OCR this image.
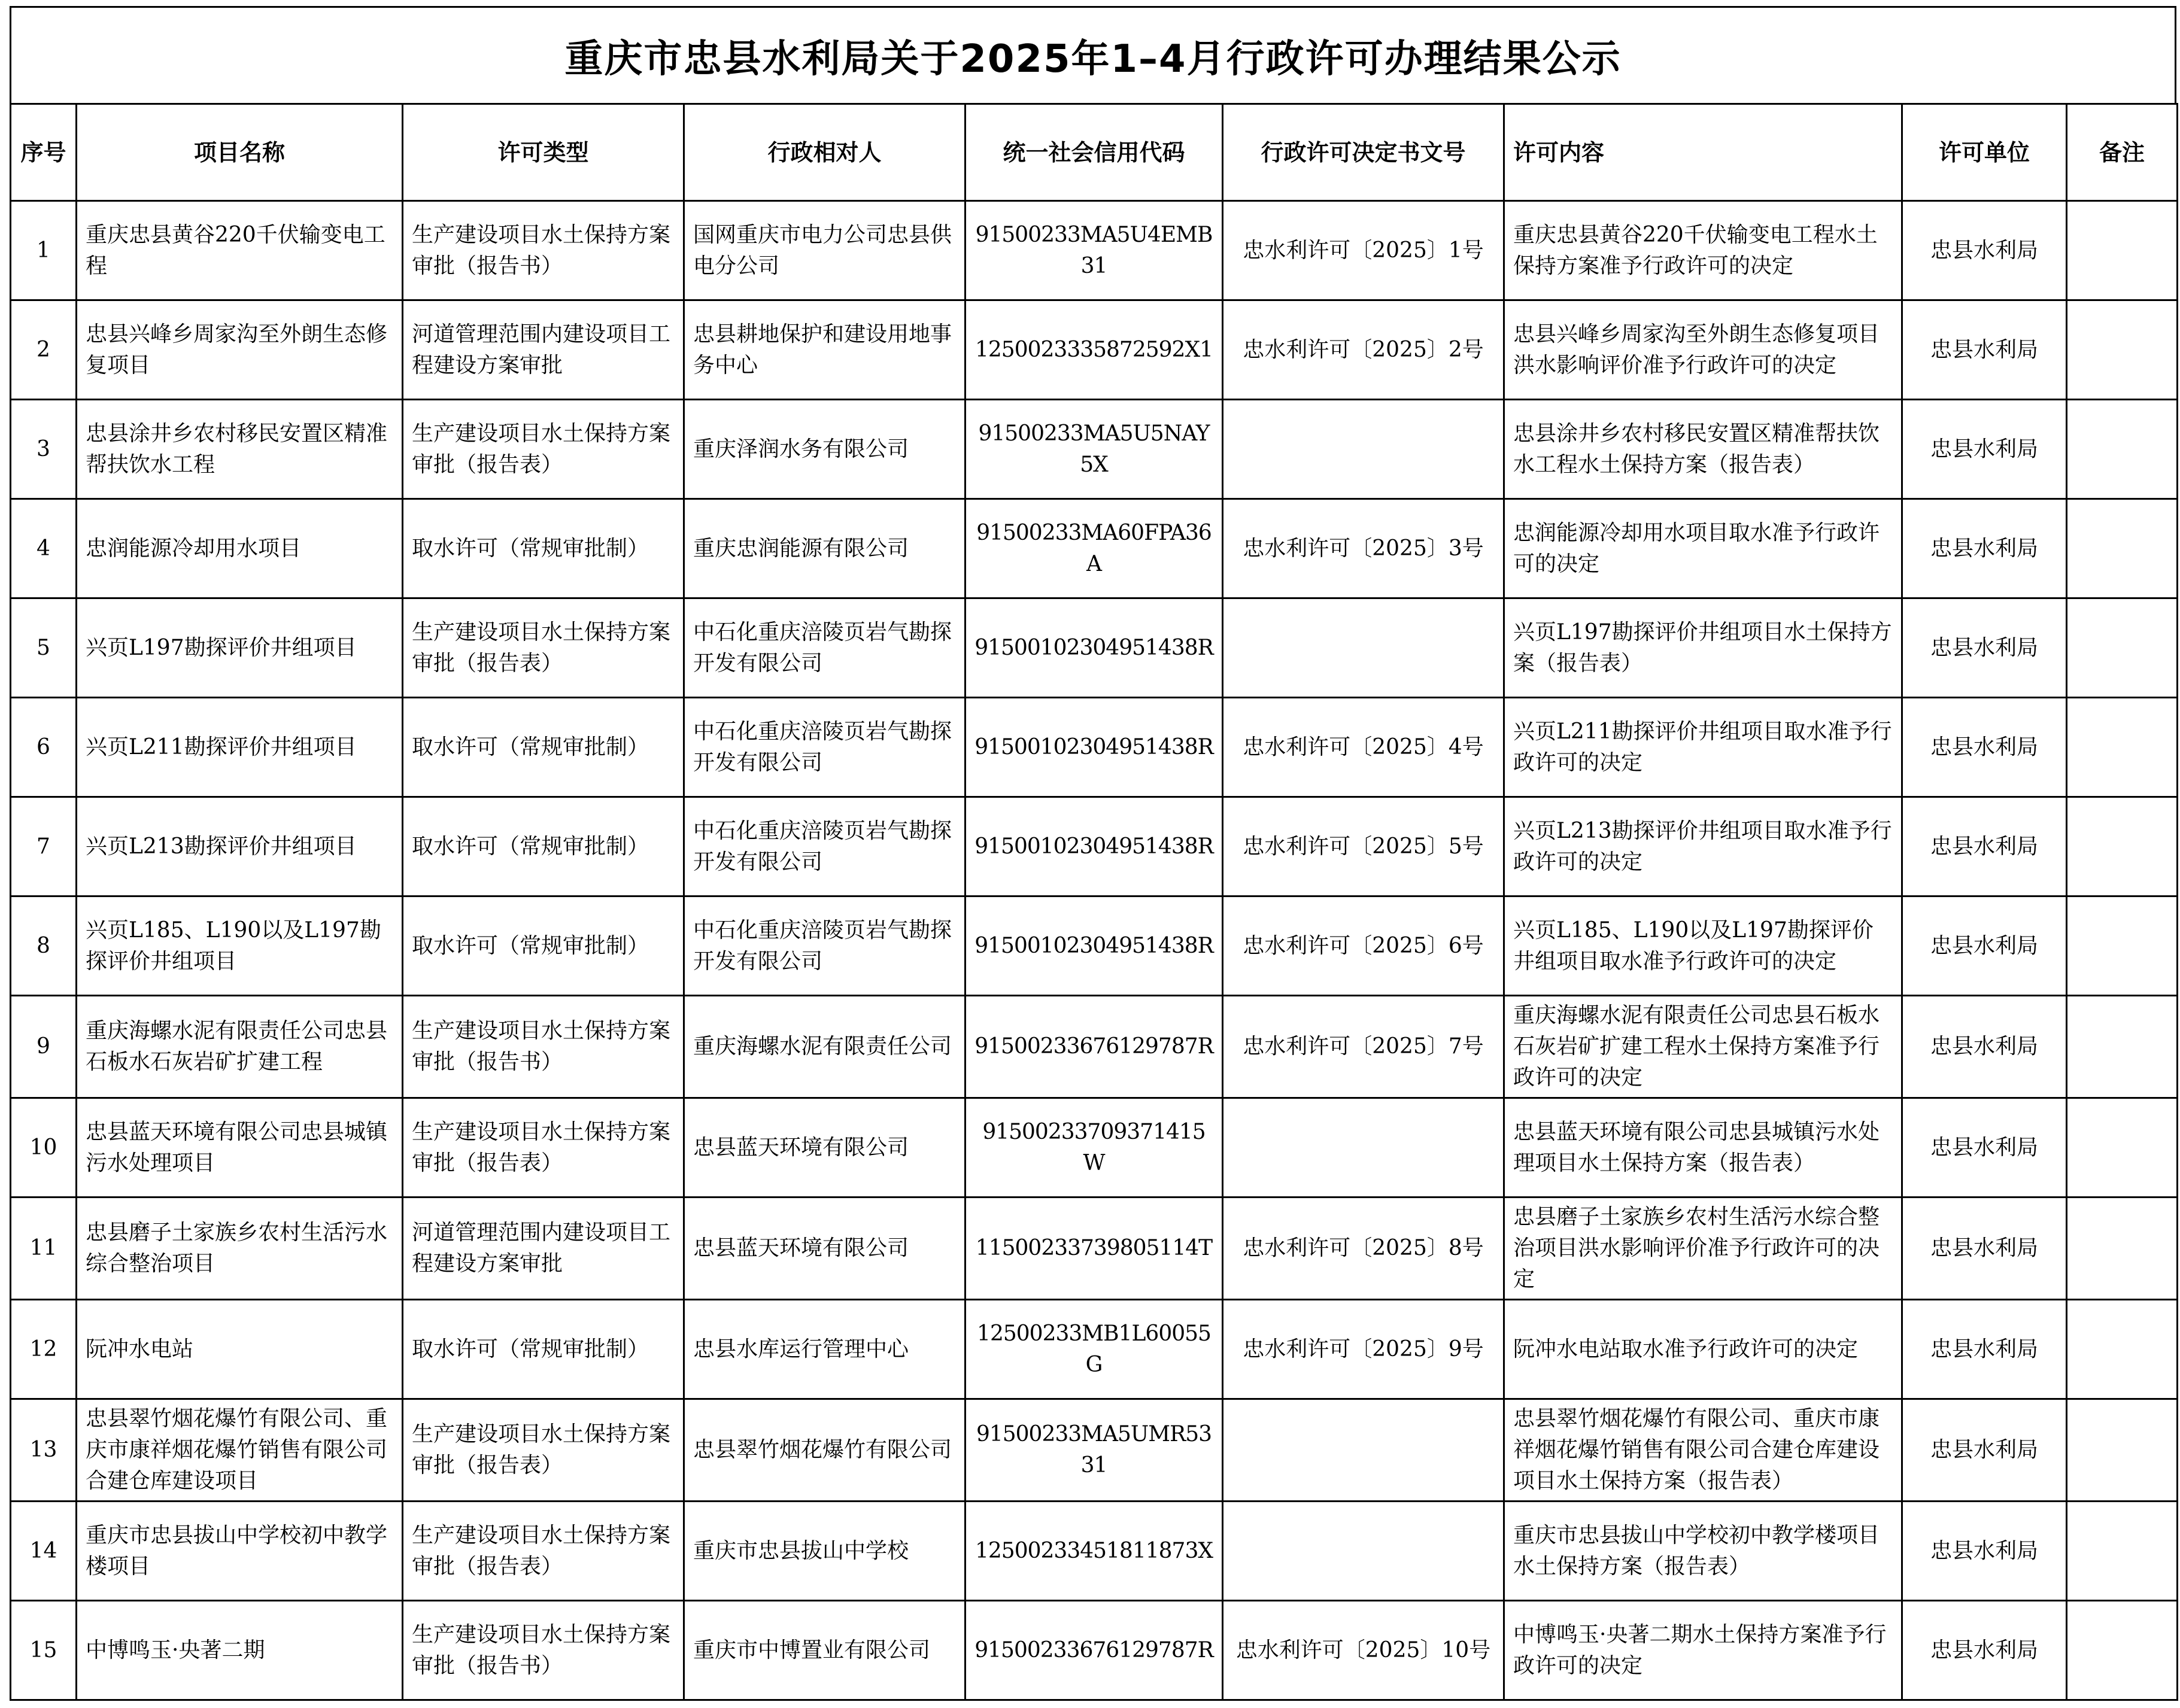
重庆市忠县水利局关于2025年1–4月行政许可办理结果公示
序号	项目名称	许可类型	行政相对人	统一社会信用代码	行政许可决定书文号	许可内容	许可单位	备注
1	重庆忠县黄谷220千伏输变电工程	生产建设项目水土保持方案审批（报告书）	国网重庆市电力公司忠县供电分公司	91500233MA5U4EMB31	忠水利许可〔2025〕1号	重庆忠县黄谷220千伏输变电工程水土保持方案准予行政许可的决定	忠县水利局	
2	忠县兴峰乡周家沟至外朗生态修复项目	河道管理范围内建设项目工程建设方案审批	忠县耕地保护和建设用地事务中心	1250023335872592X1	忠水利许可〔2025〕2号	忠县兴峰乡周家沟至外朗生态修复项目洪水影响评价准予行政许可的决定	忠县水利局	
3	忠县涂井乡农村移民安置区精准帮扶饮水工程	生产建设项目水土保持方案审批（报告表）	重庆泽润水务有限公司	91500233MA5U5NAY5X		忠县涂井乡农村移民安置区精准帮扶饮水工程水土保持方案（报告表）	忠县水利局	
4	忠润能源冷却用水项目	取水许可（常规审批制）	重庆忠润能源有限公司	91500233MA60FPA36A	忠水利许可〔2025〕3号	忠润能源冷却用水项目取水准予行政许可的决定	忠县水利局	
5	兴页L197勘探评价井组项目	生产建设项目水土保持方案审批（报告表）	中石化重庆涪陵页岩气勘探开发有限公司	91500102304951438R		兴页L197勘探评价井组项目水土保持方案（报告表）	忠县水利局	
6	兴页L211勘探评价井组项目	取水许可（常规审批制）	中石化重庆涪陵页岩气勘探开发有限公司	91500102304951438R	忠水利许可〔2025〕4号	兴页L211勘探评价井组项目取水准予行政许可的决定	忠县水利局	
7	兴页L213勘探评价井组项目	取水许可（常规审批制）	中石化重庆涪陵页岩气勘探开发有限公司	91500102304951438R	忠水利许可〔2025〕5号	兴页L213勘探评价井组项目取水准予行政许可的决定	忠县水利局	
8	兴页L185、L190以及L197勘探评价井组项目	取水许可（常规审批制）	中石化重庆涪陵页岩气勘探开发有限公司	91500102304951438R	忠水利许可〔2025〕6号	兴页L185、L190以及L197勘探评价井组项目取水准予行政许可的决定	忠县水利局	
9	重庆海螺水泥有限责任公司忠县石板水石灰岩矿扩建工程	生产建设项目水土保持方案审批（报告书）	重庆海螺水泥有限责任公司	91500233676129787R	忠水利许可〔2025〕7号	重庆海螺水泥有限责任公司忠县石板水石灰岩矿扩建工程水土保持方案准予行政许可的决定	忠县水利局	
10	忠县蓝天环境有限公司忠县城镇污水处理项目	生产建设项目水土保持方案审批（报告表）	忠县蓝天环境有限公司	91500233709371415W		忠县蓝天环境有限公司忠县城镇污水处理项目水土保持方案（报告表）	忠县水利局	
11	忠县磨子土家族乡农村生活污水综合整治项目	河道管理范围内建设项目工程建设方案审批	忠县蓝天环境有限公司	11500233739805114T	忠水利许可〔2025〕8号	忠县磨子土家族乡农村生活污水综合整治项目洪水影响评价准予行政许可的决定	忠县水利局	
12	阮冲水电站	取水许可（常规审批制）	忠县水库运行管理中心	12500233MB1L60055G	忠水利许可〔2025〕9号	阮冲水电站取水准予行政许可的决定	忠县水利局	
13	忠县翠竹烟花爆竹有限公司、重庆市康祥烟花爆竹销售有限公司合建仓库建设项目	生产建设项目水土保持方案审批（报告表）	忠县翠竹烟花爆竹有限公司	91500233MA5UMR5331		忠县翠竹烟花爆竹有限公司、重庆市康祥烟花爆竹销售有限公司合建仓库建设项目水土保持方案（报告表）	忠县水利局	
14	重庆市忠县拔山中学校初中教学楼项目	生产建设项目水土保持方案审批（报告表）	重庆市忠县拔山中学校	12500233451811873X		重庆市忠县拔山中学校初中教学楼项目水土保持方案（报告表）	忠县水利局	
15	中博鸣玉·央著二期	生产建设项目水土保持方案审批（报告书）	重庆市中博置业有限公司	91500233676129787R	忠水利许可〔2025〕10号	中博鸣玉·央著二期水土保持方案准予行政许可的决定	忠县水利局	
